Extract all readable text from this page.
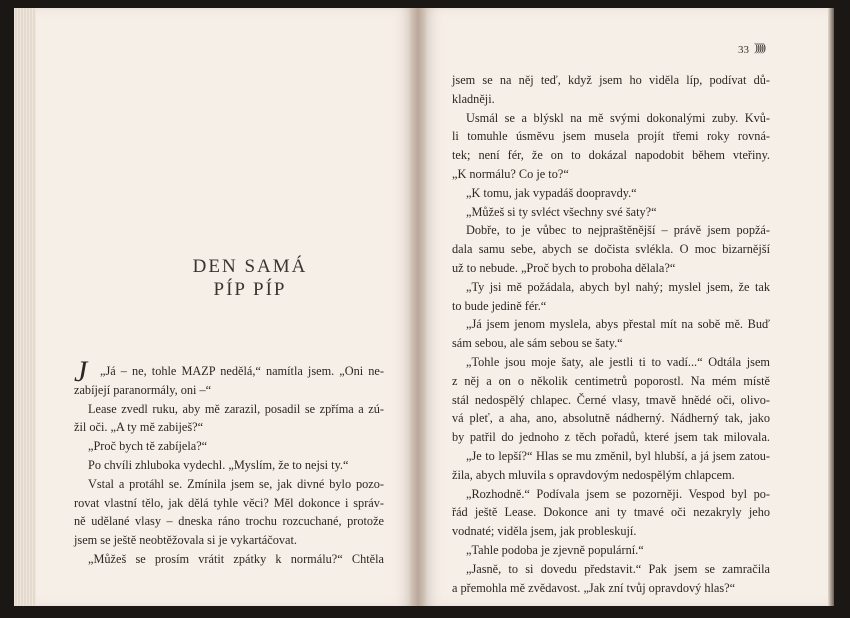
DEN SAMÁ
PÍP PÍP
J	„Já – ne, tohle MAZP nedělá,“ namítla jsem. „Oni ne-
zabíjejí paranormály, oni –“
Lease zvedl ruku, aby mě zarazil, posadil se zpříma a zú-
žil oči. „A ty mě zabiješ?“
„Proč bych tě zabíjela?“
Po chvíli zhluboka vydechl. „Myslím, že to nejsi ty.“
Vstal a protáhl se. Zmínila jsem se, jak divné bylo pozo-
rovat vlastní tělo, jak dělá tyhle věci? Měl dokonce i správ-
ně udělané vlasy – dneska ráno trochu rozcuchané, protože
jsem se ještě neobtěžovala si je vykartáčovat.
„Můžeš se prosím vrátit zpátky k normálu?“ Chtěla
33 )))))
jsem se na něj teď, když jsem ho viděla líp, podívat dů-
kladněji.
Usmál se a blýskl na mě svými dokonalými zuby. Kvů-
li tomuhle úsměvu jsem musela projít třemi roky rovná-
tek; není fér, že on to dokázal napodobit během vteřiny.
„K normálu? Co je to?“
„K tomu, jak vypadáš doopravdy.“
„Můžeš si ty svléct všechny své šaty?“
Dobře, to je vůbec to nejpraštěnější – právě jsem popžá-
dala samu sebe, abych se dočista svlékla. O moc bizarnější
už to nebude. „Proč bych to proboha dělala?“
„Ty jsi mě požádala, abych byl nahý; myslel jsem, že tak
to bude jedině fér.“
„Já jsem jenom myslela, abys přestal mít na sobě mě. Buď
sám sebou, ale sám sebou se šaty.“
„Tohle jsou moje šaty, ale jestli ti to vadí...“ Odtála jsem
z něj a on o několik centimetrů poporostl. Na mém místě
stál nedospělý chlapec. Černé vlasy, tmavě hnědé oči, olivo-
vá pleť, a aha, ano, absolutně nádherný. Nádherný tak, jako
by patřil do jednoho z těch pořadů, které jsem tak milovala.
„Je to lepší?“ Hlas se mu změnil, byl hlubší, a já jsem zatou-
žila, abych mluvila s opravdovým nedospělým chlapcem.
„Rozhodně.“ Podívala jsem se pozorněji. Vespod byl po-
řád ještě Lease. Dokonce ani ty tmavé oči nezakryly jeho
vodnaté; viděla jsem, jak probleskují.
„Tahle podoba je zjevně populární.“
„Jasně, to si dovedu představit.“ Pak jsem se zamračila
a přemohla mě zvědavost. „Jak zní tvůj opravdový hlas?“
